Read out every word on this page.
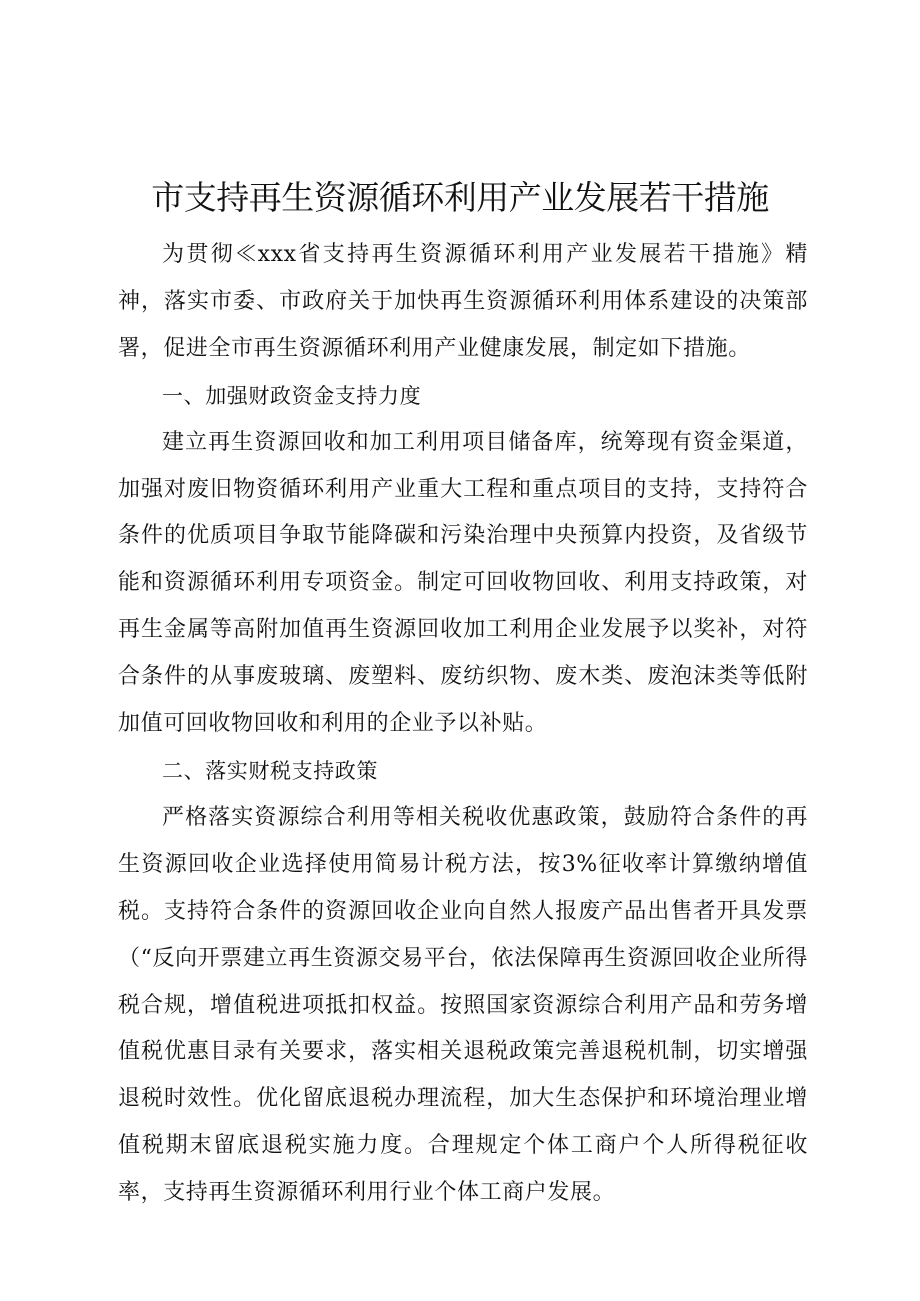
市支持再生资源循环利用产业发展若干措施

为贯彻≪xxx省支持再生资源循环利用产业发展若干措施》精神，落实市委、市政府关于加快再生资源循环利用体系建设的决策部署，促进全市再生资源循环利用产业健康发展，制定如下措施。

一、加强财政资金支持力度

建立再生资源回收和加工利用项目储备库，统筹现有资金渠道，加强对废旧物资循环利用产业重大工程和重点项目的支持，支持符合条件的优质项目争取节能降碳和污染治理中央预算内投资，及省级节能和资源循环利用专项资金。制定可回收物回收、利用支持政策，对再生金属等高附加值再生资源回收加工利用企业发展予以奖补，对符合条件的从事废玻璃、废塑料、废纺织物、废木类、废泡沫类等低附加值可回收物回收和利用的企业予以补贴。

二、落实财税支持政策

严格落实资源综合利用等相关税收优惠政策，鼓励符合条件的再生资源回收企业选择使用简易计税方法，按3%征收率计算缴纳增值税。支持符合条件的资源回收企业向自然人报废产品出售者开具发票（“反向开票建立再生资源交易平台，依法保障再生资源回收企业所得税合规，增值税进项抵扣权益。按照国家资源综合利用产品和劳务增值税优惠目录有关要求，落实相关退税政策完善退税机制，切实增强退税时效性。优化留底退税办理流程，加大生态保护和环境治理业增值税期末留底退税实施力度。合理规定个体工商户个人所得税征收率，支持再生资源循环利用行业个体工商户发展。
